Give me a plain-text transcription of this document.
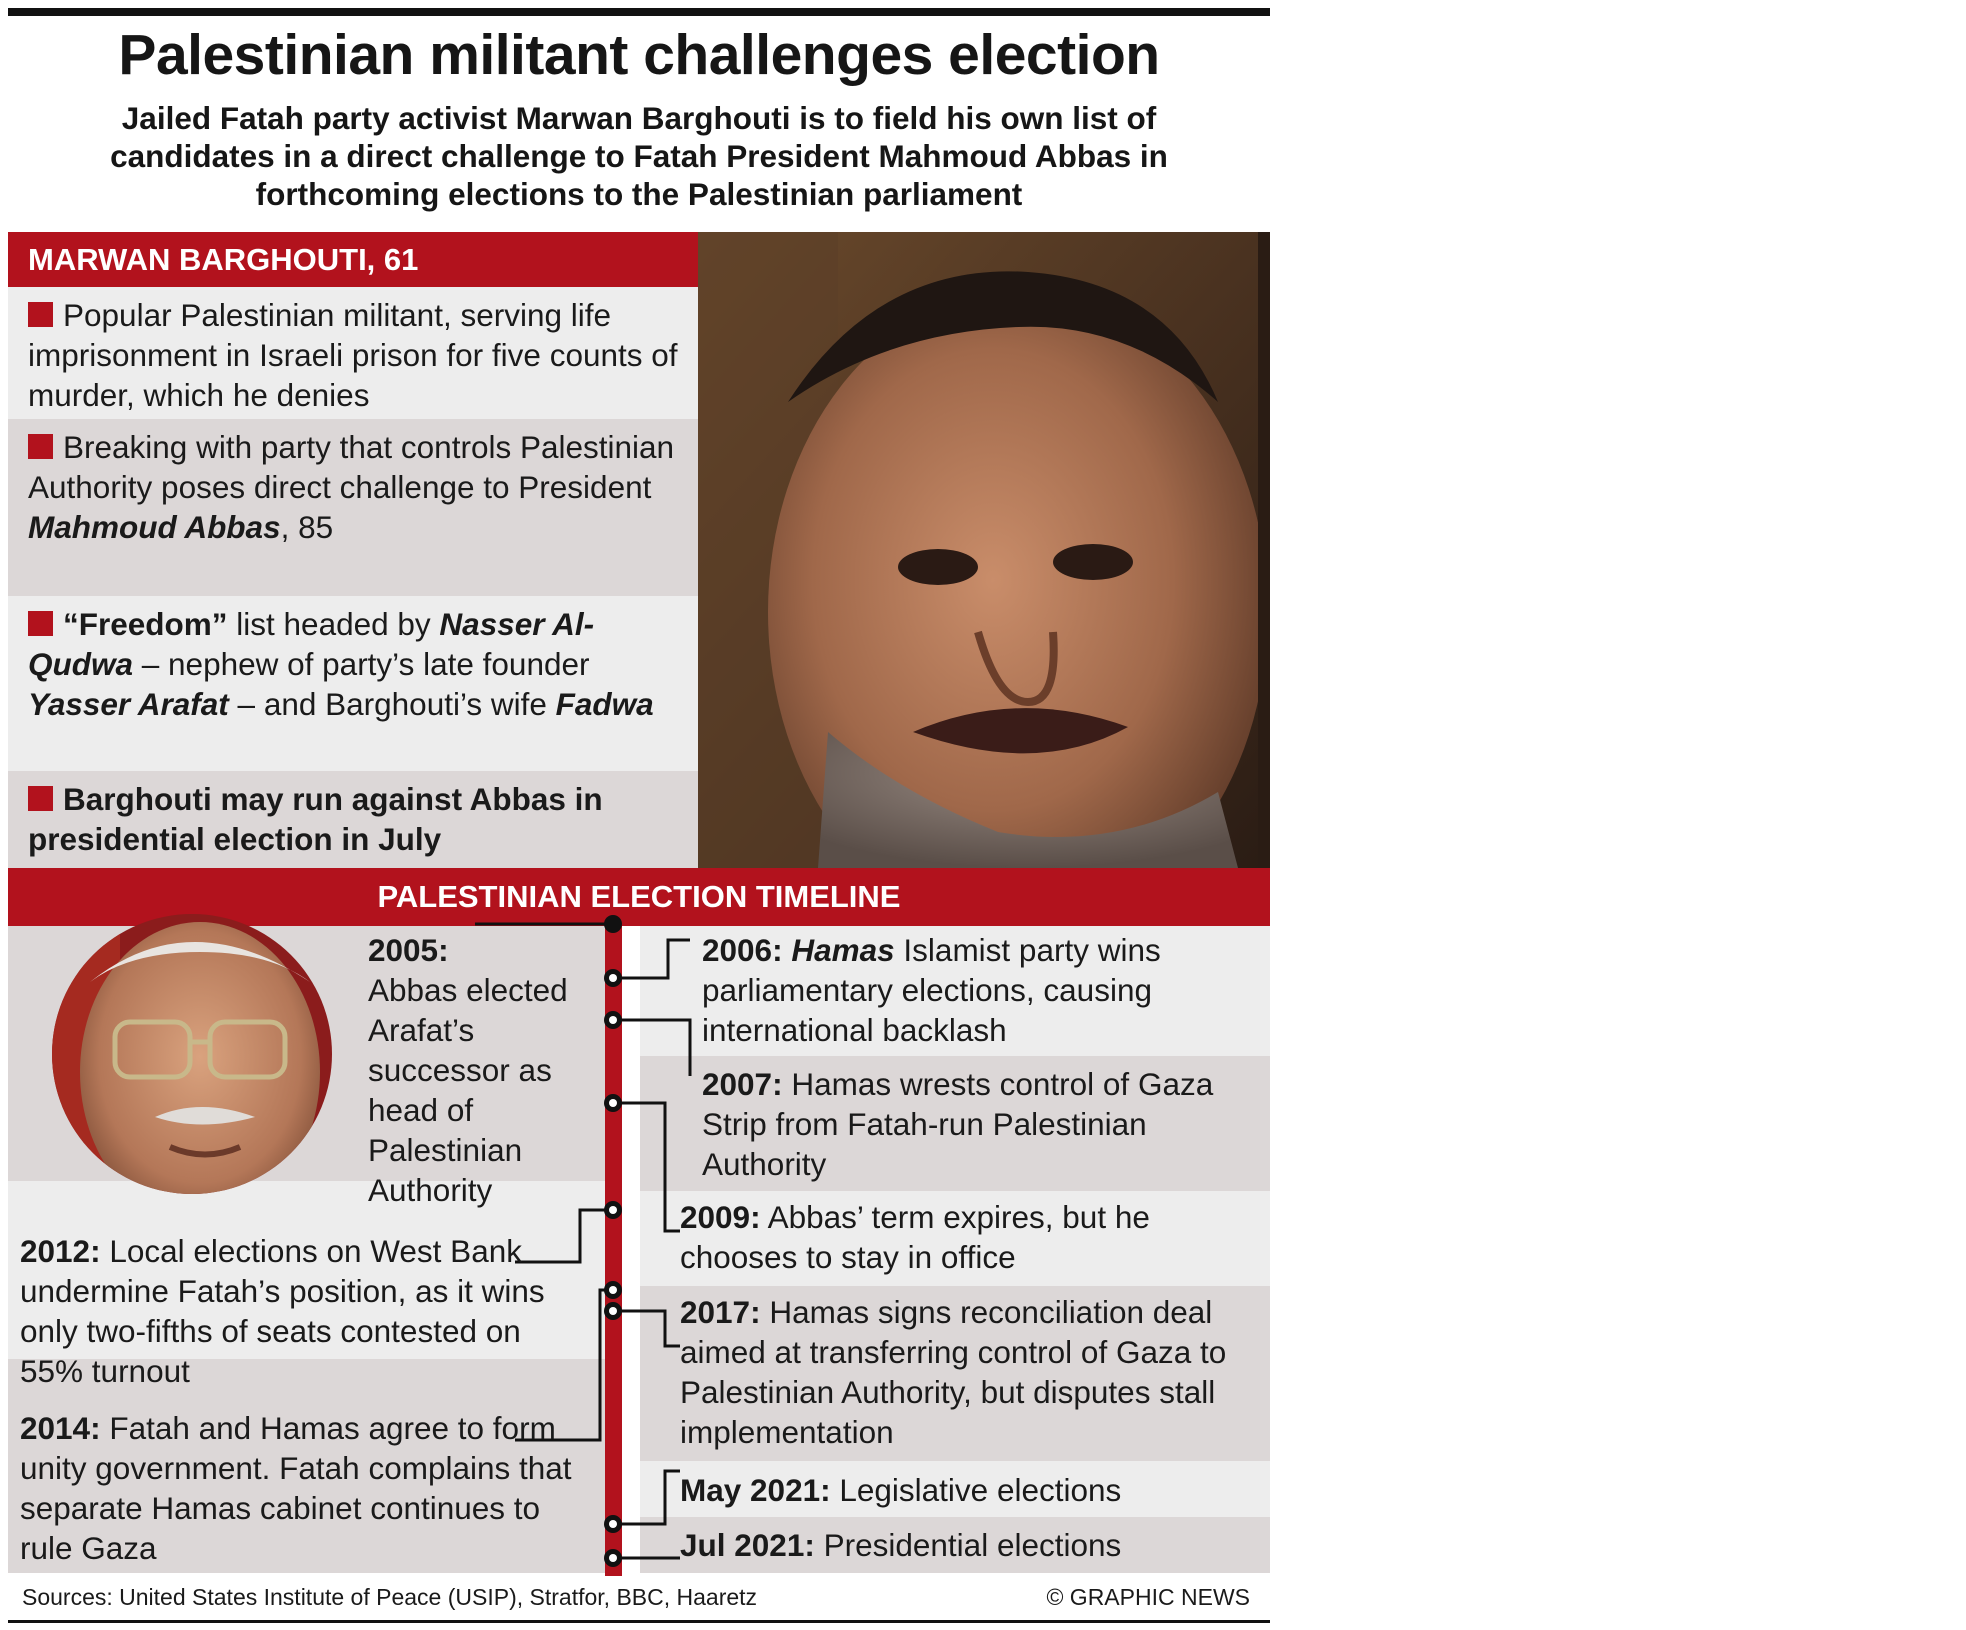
Palestinian militant challenges election
Jailed Fatah party activist Marwan Barghouti is to field his own list of candidates in a direct challenge to Fatah President Mahmoud Abbas in forthcoming elections to the Palestinian parliament
MARWAN BARGHOUTI, 61
Popular Palestinian militant, serving life imprisonment in Israeli prison for five counts of murder, which he denies
Breaking with party that controls Palestinian Authority poses direct challenge to President Mahmoud Abbas, 85
“Freedom” list headed by Nasser Al-Qudwa – nephew of party’s late founder Yasser Arafat – and Barghouti’s wife Fadwa
Barghouti may run against Abbas in presidential election in July
Pictures: Getty Images
Barghouti in court appearance on Jan 25, 2012
PALESTINIAN ELECTION TIMELINE
2005:
Abbas elected Arafat’s successor as head of Palestinian Authority
2006: Hamas Islamist party wins parliamentary elections, causing international backlash
2007: Hamas wrests control of Gaza Strip from Fatah-run Palestinian Authority
2009: Abbas’ term expires, but he chooses to stay in office
2012: Local elections on West Bank undermine Fatah’s position, as it wins only two-fifths of seats contested on 55% turnout
2014: Fatah and Hamas agree to form unity government. Fatah complains that separate Hamas cabinet continues to rule Gaza
2017: Hamas signs reconciliation deal aimed at transferring control of Gaza to Palestinian Authority, but disputes stall implementation
May 2021: Legislative elections
Jul 2021: Presidential elections
Sources: United States Institute of Peace (USIP), Stratfor, BBC, Haaretz	© GRAPHIC NEWS
